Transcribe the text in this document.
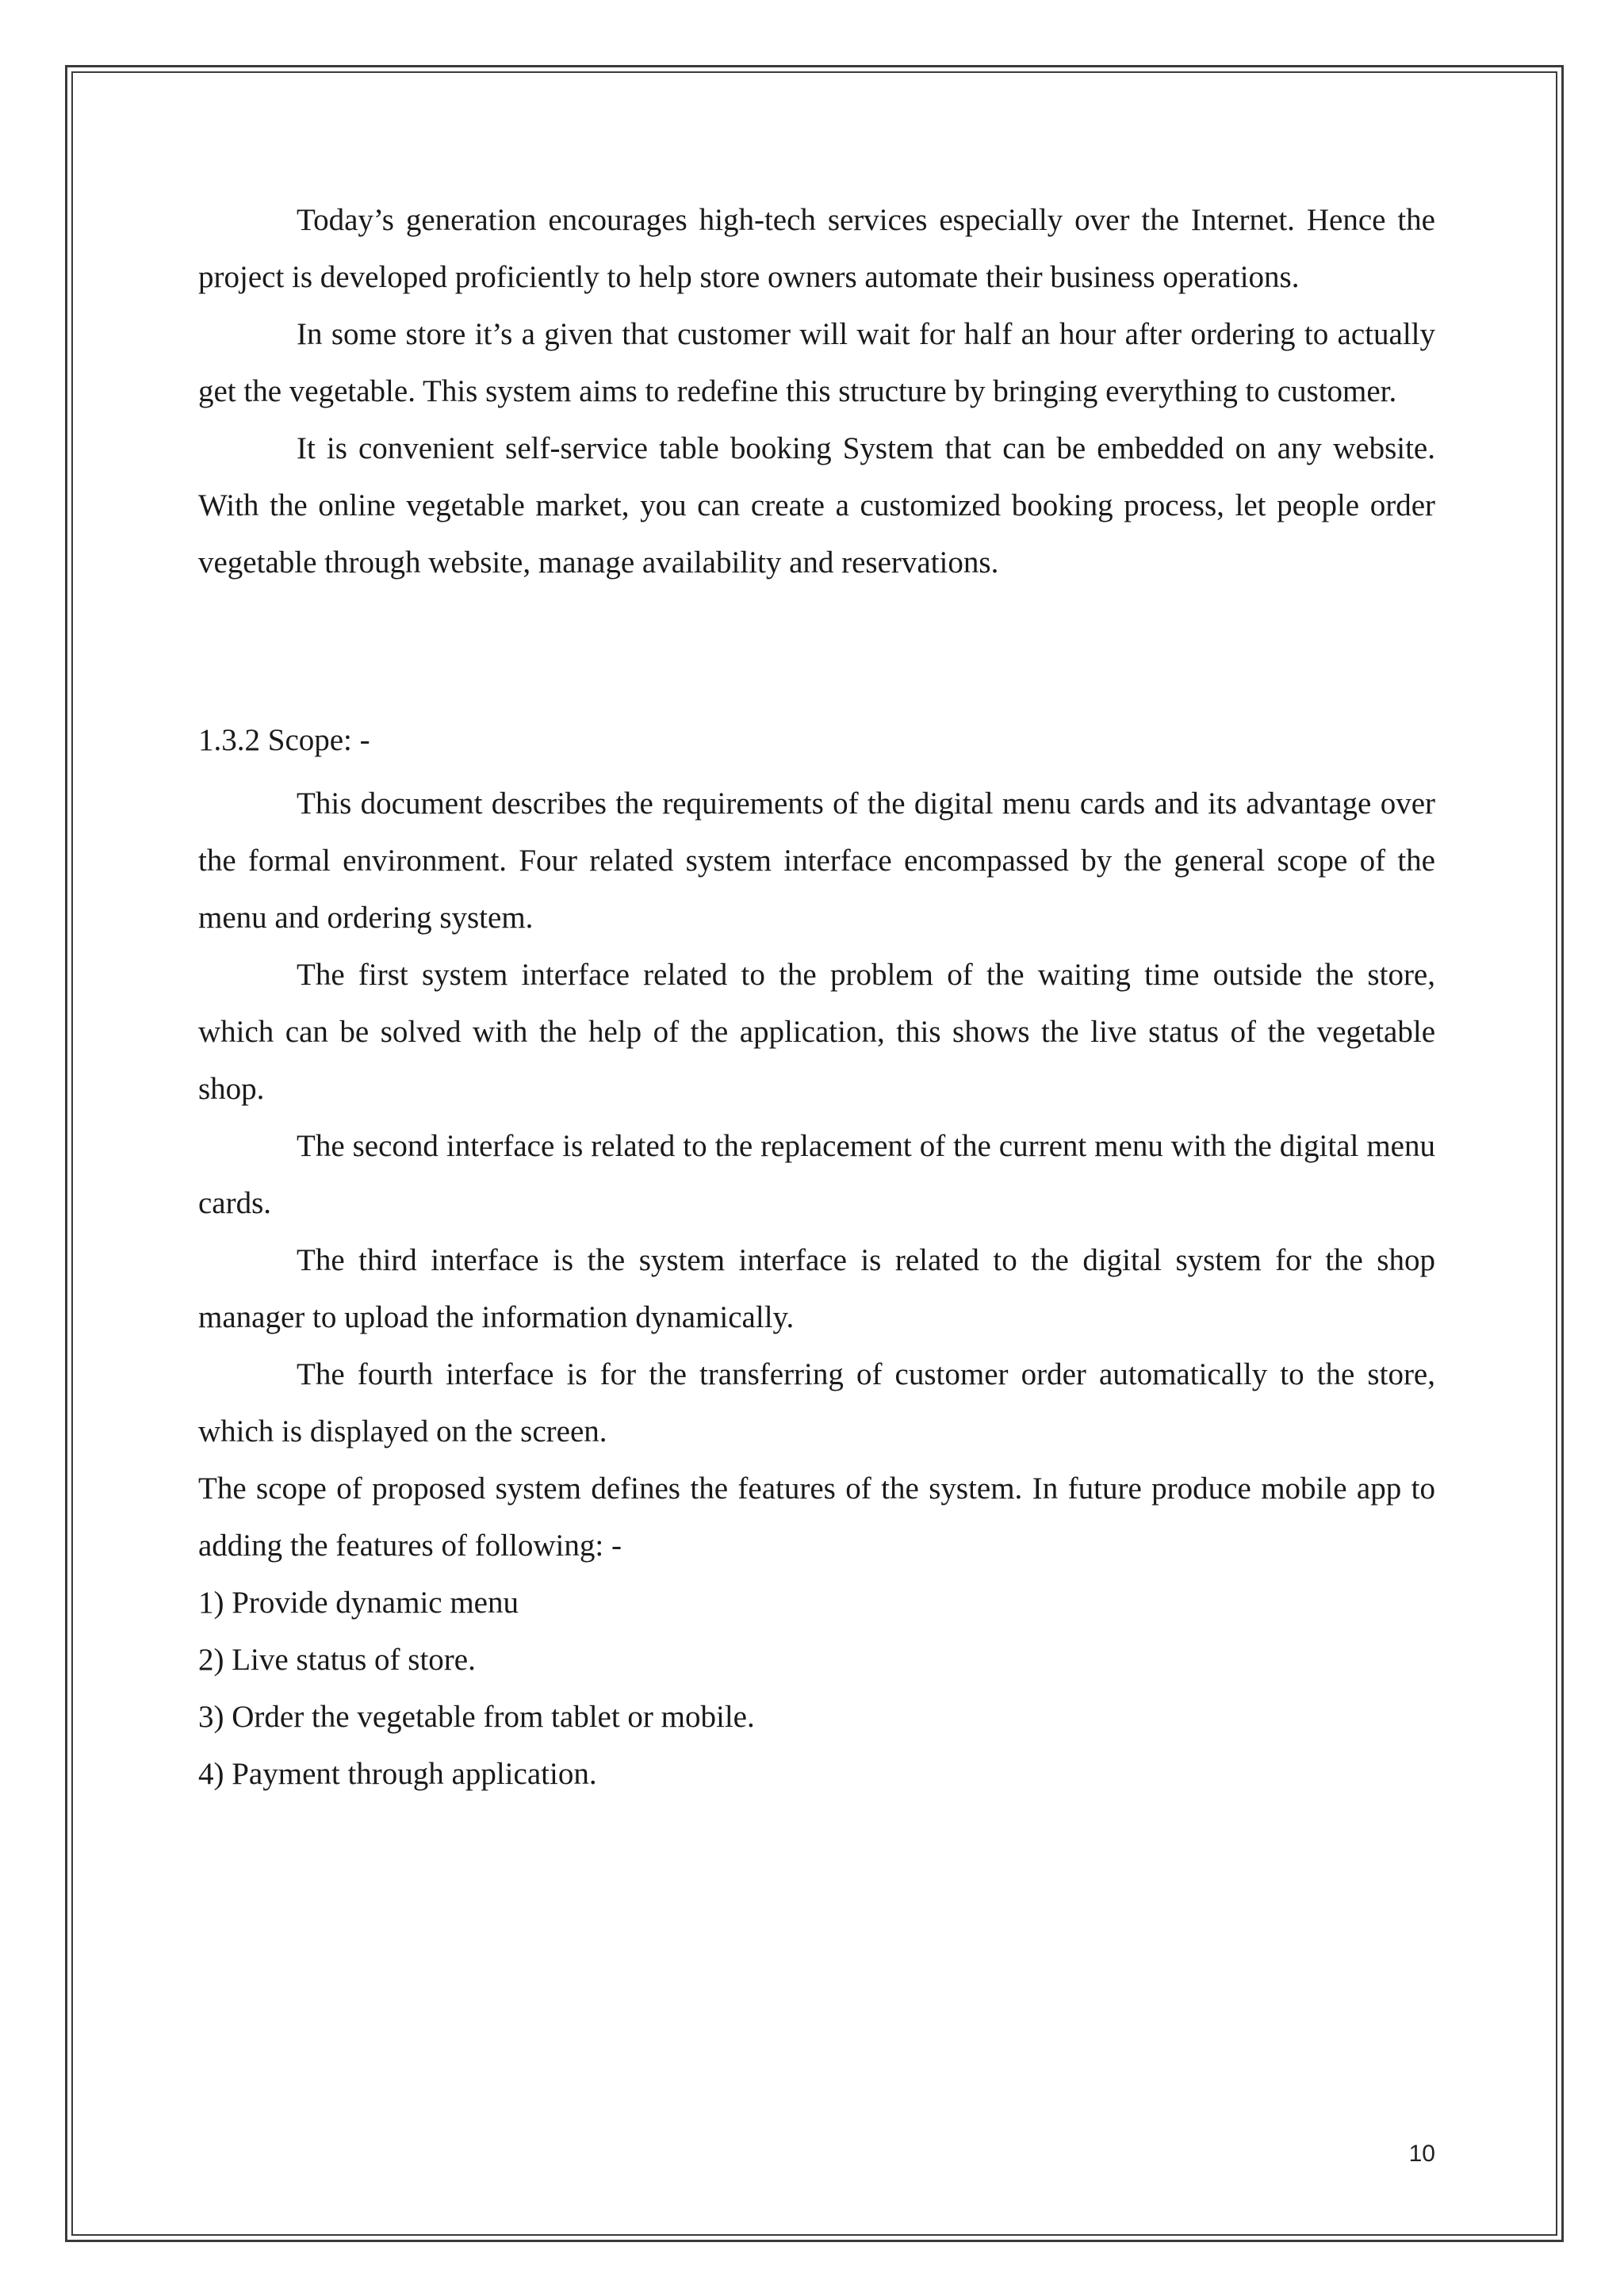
Today’s generation encourages high-tech services especially over the Internet. Hence the project is developed proficiently to help store owners automate their business operations.

In some store it’s a given that customer will wait for half an hour after ordering to actually get the vegetable. This system aims to redefine this structure by bringing everything to customer.

It is convenient self-service table booking System that can be embedded on any website. With the online vegetable market, you can create a customized booking process, let people order vegetable through website, manage availability and reservations.

1.3.2 Scope: -

This document describes the requirements of the digital menu cards and its advantage over the formal environment. Four related system interface encompassed by the general scope of the menu and ordering system.

The first system interface related to the problem of the waiting time outside the store, which can be solved with the help of the application, this shows the live status of the vegetable shop.

The second interface is related to the replacement of the current menu with the digital menu cards.

The third interface is the system interface is related to the digital system for the shop manager to upload the information dynamically.

The fourth interface is for the transferring of customer order automatically to the store, which is displayed on the screen.

The scope of proposed system defines the features of the system. In future produce mobile app to adding the features of following: -

1) Provide dynamic menu

2) Live status of store.

3) Order the vegetable from tablet or mobile.

4) Payment through application.

10
